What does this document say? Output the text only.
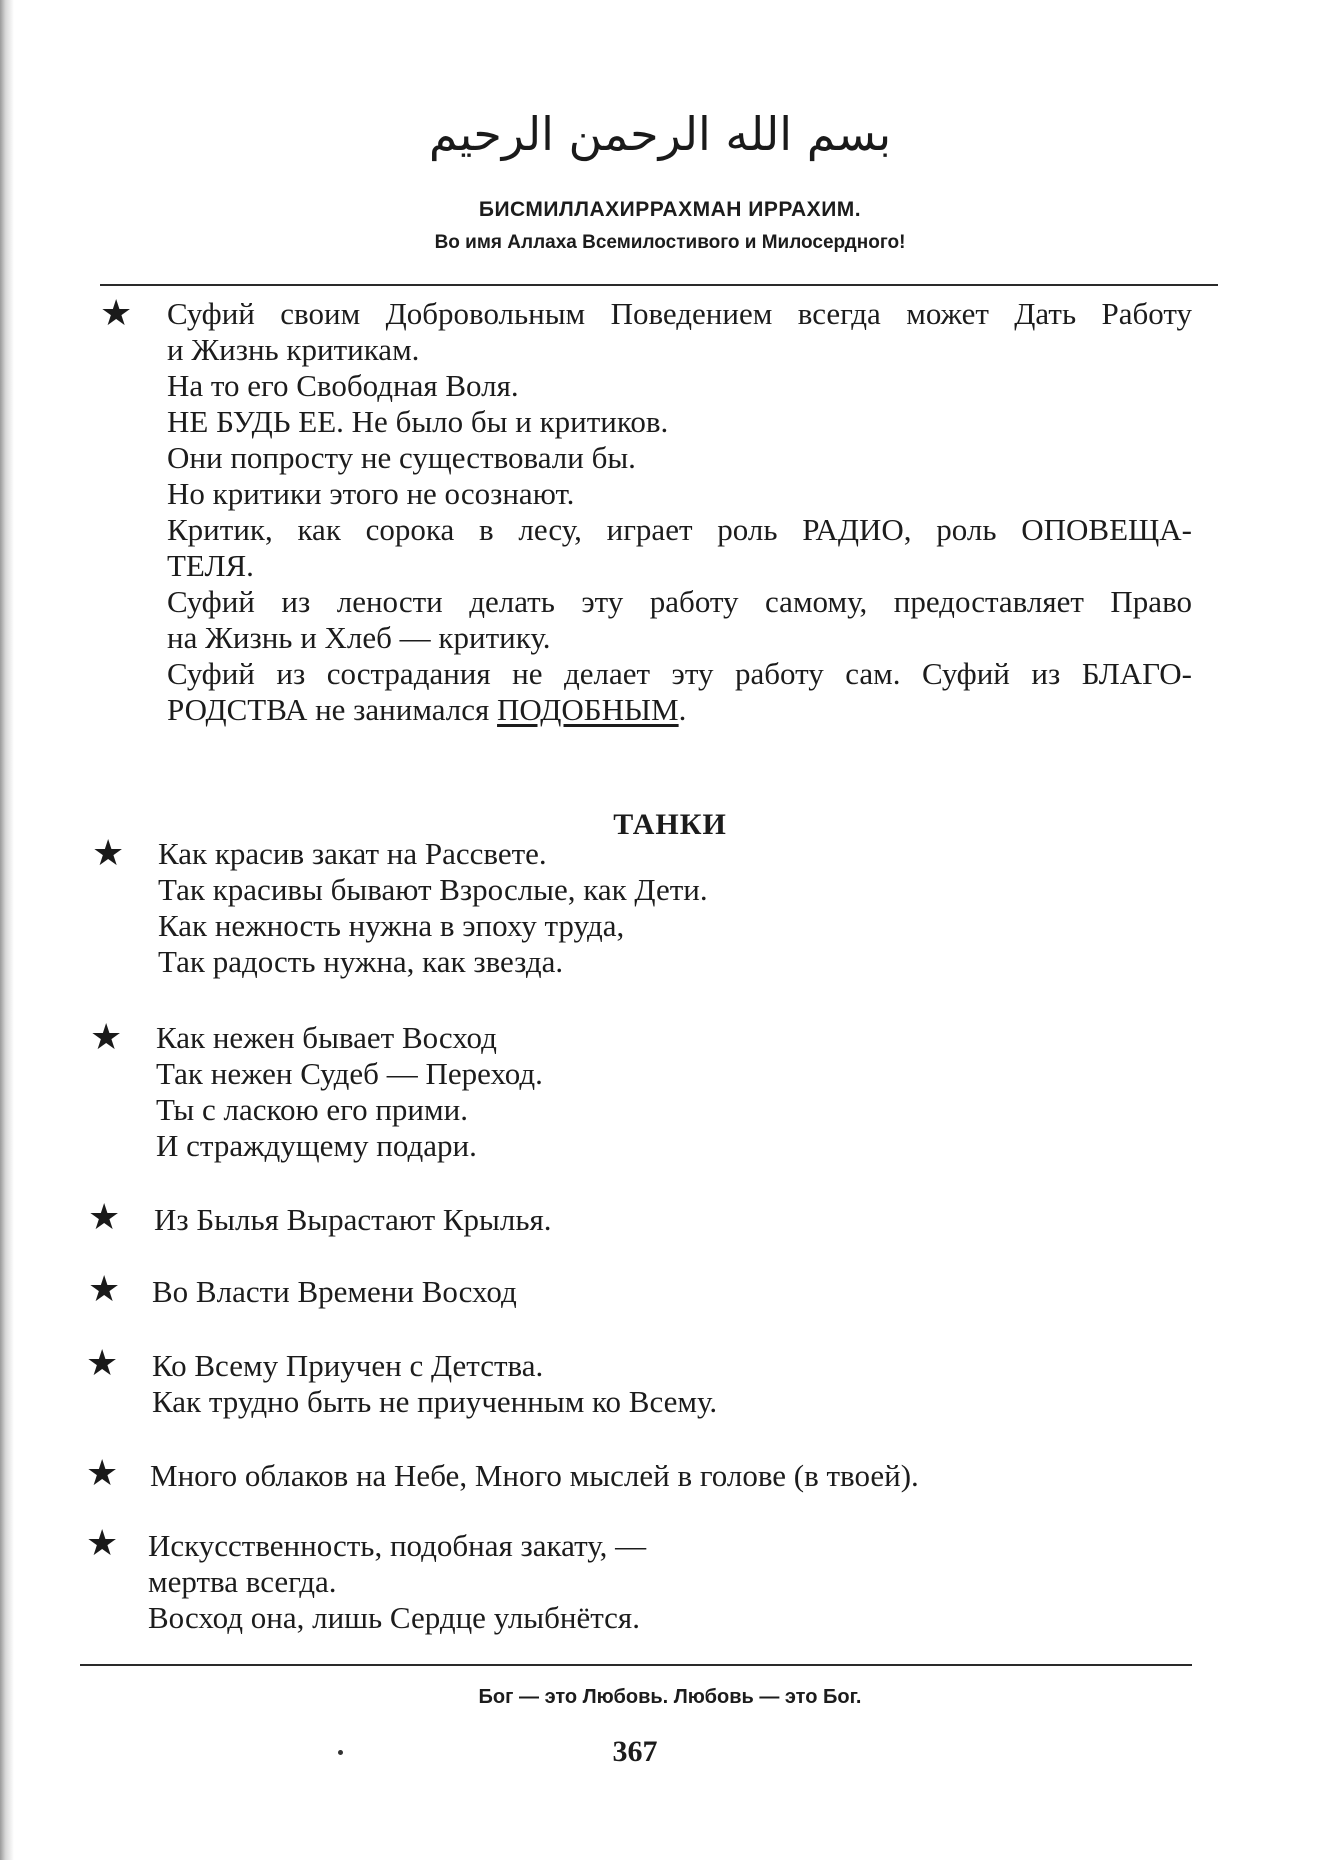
بسم الله الرحمن الرحيم
БИСМИЛЛАХИРРАХМАН ИРРАХИМ.
Во имя Аллаха Всемилостивого и Милосердного!
★ Суфий своим Добровольным Поведением всегда может Дать Работу
и Жизнь критикам.
На то его Свободная Воля.
НЕ БУДЬ ЕЕ. Не было бы и критиков.
Они попросту не существовали бы.
Но критики этого не осознают.
Критик, как сорока в лесу, играет роль РАДИО, роль ОПОВЕЩА-
ТЕЛЯ.
Суфий из лености делать эту работу самому, предоставляет Право
на Жизнь и Хлеб — критику.
Суфий из сострадания не делает эту работу сам. Суфий из БЛАГО-
РОДСТВА не занимался ПОДОБНЫМ.
ТАНКИ
★ Как красив закат на Рассвете.
Так красивы бывают Взрослые, как Дети.
Как нежность нужна в эпоху труда,
Так радость нужна, как звезда.
★ Как нежен бывает Восход
Так нежен Судеб — Переход.
Ты с ласкою его прими.
И страждущему подари.
★ Из Былья Вырастают Крылья.
★ Во Власти Времени Восход
★ Ко Всему Приучен с Детства.
Как трудно быть не приученным ко Всему.
★ Много облаков на Небе, Много мыслей в голове (в твоей).
★ Искусственность, подобная закату, —
мертва всегда.
Восход она, лишь Сердце улыбнётся.
Бог — это Любовь. Любовь — это Бог.
367
